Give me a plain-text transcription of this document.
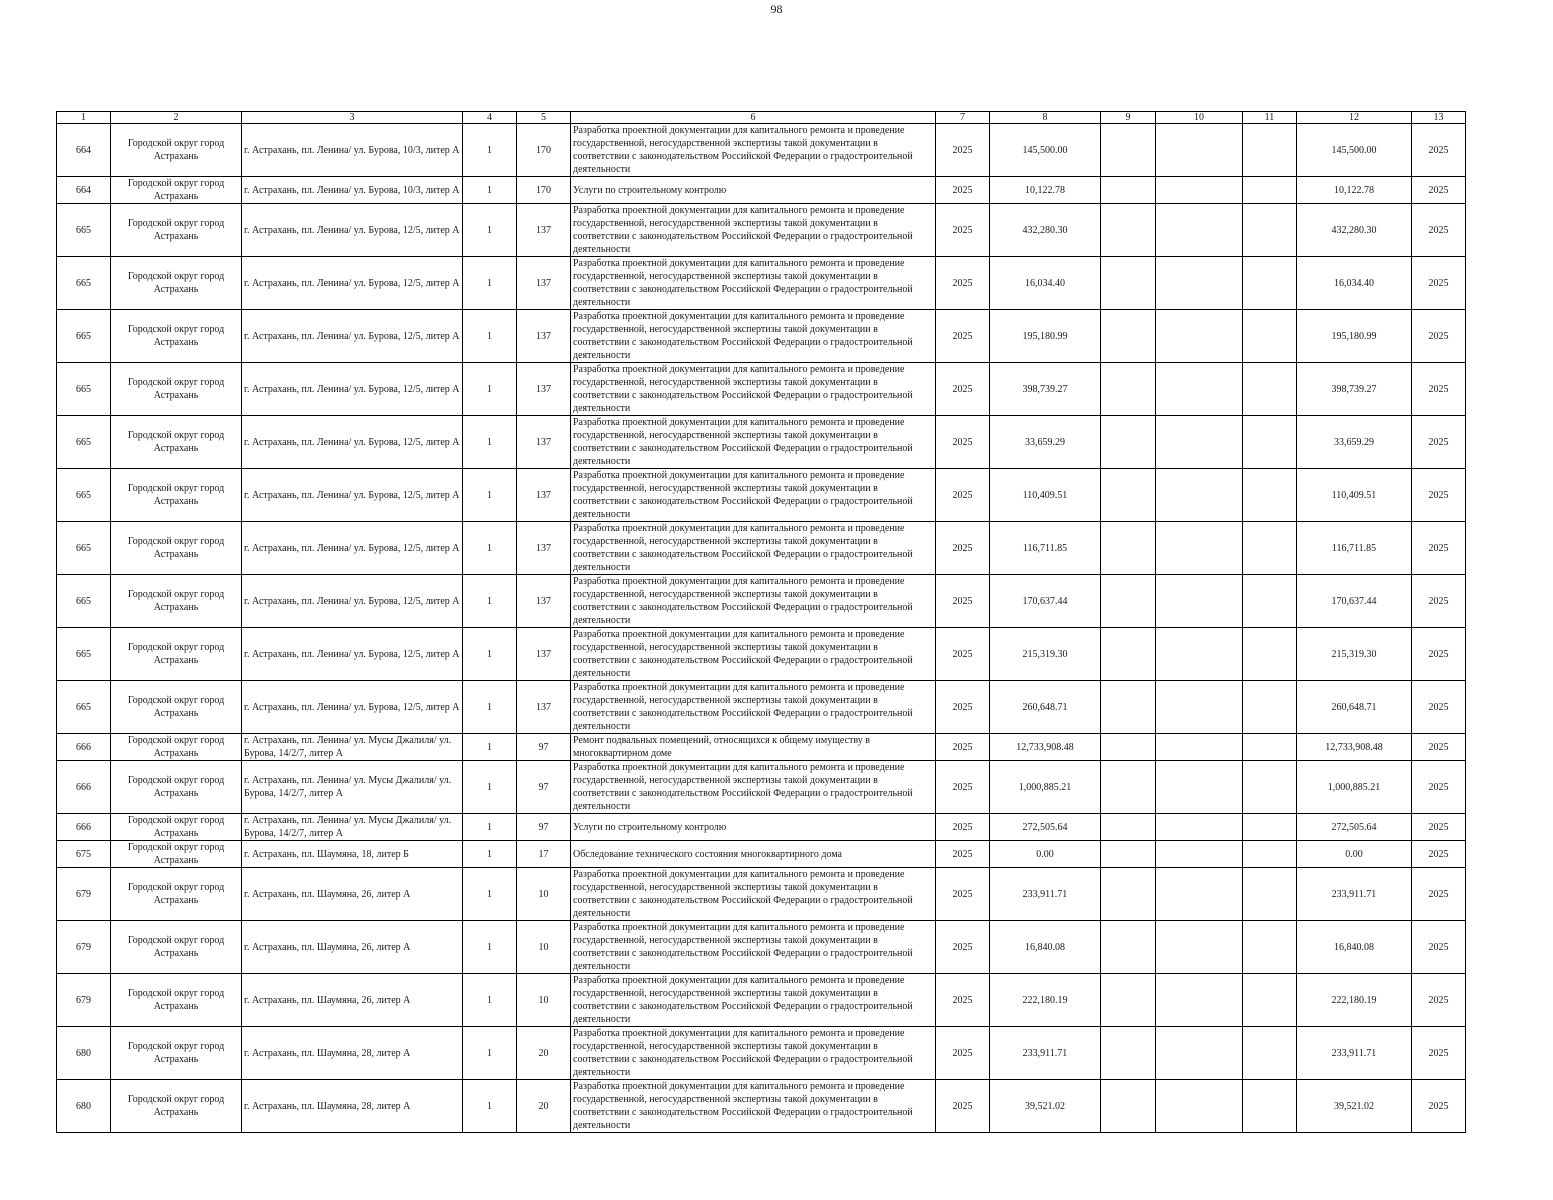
98
1	2	3	4	5	6	7	8	9	10	11	12	13
664	Городской округ город Астрахань	г. Астрахань, пл. Ленина/ ул. Бурова, 10/3, литер А	1	170	Разработка проектной документации для капитального ремонта и проведение государственной, негосударственной экспертизы такой документации в соответствии с законодательством Российской Федерации о градостроительной деятельности	2025	145,500.00				145,500.00	2025
664	Городской округ город Астрахань	г. Астрахань, пл. Ленина/ ул. Бурова, 10/3, литер А	1	170	Услуги по строительному контролю	2025	10,122.78				10,122.78	2025
665	Городской округ город Астрахань	г. Астрахань, пл. Ленина/ ул. Бурова, 12/5, литер А	1	137	Разработка проектной документации для капитального ремонта и проведение государственной, негосударственной экспертизы такой документации в соответствии с законодательством Российской Федерации о градостроительной деятельности	2025	432,280.30				432,280.30	2025
665	Городской округ город Астрахань	г. Астрахань, пл. Ленина/ ул. Бурова, 12/5, литер А	1	137	Разработка проектной документации для капитального ремонта и проведение государственной, негосударственной экспертизы такой документации в соответствии с законодательством Российской Федерации о градостроительной деятельности	2025	16,034.40				16,034.40	2025
665	Городской округ город Астрахань	г. Астрахань, пл. Ленина/ ул. Бурова, 12/5, литер А	1	137	Разработка проектной документации для капитального ремонта и проведение государственной, негосударственной экспертизы такой документации в соответствии с законодательством Российской Федерации о градостроительной деятельности	2025	195,180.99				195,180.99	2025
665	Городской округ город Астрахань	г. Астрахань, пл. Ленина/ ул. Бурова, 12/5, литер А	1	137	Разработка проектной документации для капитального ремонта и проведение государственной, негосударственной экспертизы такой документации в соответствии с законодательством Российской Федерации о градостроительной деятельности	2025	398,739.27				398,739.27	2025
665	Городской округ город Астрахань	г. Астрахань, пл. Ленина/ ул. Бурова, 12/5, литер А	1	137	Разработка проектной документации для капитального ремонта и проведение государственной, негосударственной экспертизы такой документации в соответствии с законодательством Российской Федерации о градостроительной деятельности	2025	33,659.29				33,659.29	2025
665	Городской округ город Астрахань	г. Астрахань, пл. Ленина/ ул. Бурова, 12/5, литер А	1	137	Разработка проектной документации для капитального ремонта и проведение государственной, негосударственной экспертизы такой документации в соответствии с законодательством Российской Федерации о градостроительной деятельности	2025	110,409.51				110,409.51	2025
665	Городской округ город Астрахань	г. Астрахань, пл. Ленина/ ул. Бурова, 12/5, литер А	1	137	Разработка проектной документации для капитального ремонта и проведение государственной, негосударственной экспертизы такой документации в соответствии с законодательством Российской Федерации о градостроительной деятельности	2025	116,711.85				116,711.85	2025
665	Городской округ город Астрахань	г. Астрахань, пл. Ленина/ ул. Бурова, 12/5, литер А	1	137	Разработка проектной документации для капитального ремонта и проведение государственной, негосударственной экспертизы такой документации в соответствии с законодательством Российской Федерации о градостроительной деятельности	2025	170,637.44				170,637.44	2025
665	Городской округ город Астрахань	г. Астрахань, пл. Ленина/ ул. Бурова, 12/5, литер А	1	137	Разработка проектной документации для капитального ремонта и проведение государственной, негосударственной экспертизы такой документации в соответствии с законодательством Российской Федерации о градостроительной деятельности	2025	215,319.30				215,319.30	2025
665	Городской округ город Астрахань	г. Астрахань, пл. Ленина/ ул. Бурова, 12/5, литер А	1	137	Разработка проектной документации для капитального ремонта и проведение государственной, негосударственной экспертизы такой документации в соответствии с законодательством Российской Федерации о градостроительной деятельности	2025	260,648.71				260,648.71	2025
666	Городской округ город Астрахань	г. Астрахань, пл. Ленина/ ул. Мусы Джалиля/ ул. Бурова, 14/2/7, литер А	1	97	Ремонт подвальных помещений, относящихся к общему имуществу в многоквартирном доме	2025	12,733,908.48				12,733,908.48	2025
666	Городской округ город Астрахань	г. Астрахань, пл. Ленина/ ул. Мусы Джалиля/ ул. Бурова, 14/2/7, литер А	1	97	Разработка проектной документации для капитального ремонта и проведение государственной, негосударственной экспертизы такой документации в соответствии с законодательством Российской Федерации о градостроительной деятельности	2025	1,000,885.21				1,000,885.21	2025
666	Городской округ город Астрахань	г. Астрахань, пл. Ленина/ ул. Мусы Джалиля/ ул. Бурова, 14/2/7, литер А	1	97	Услуги по строительному контролю	2025	272,505.64				272,505.64	2025
675	Городской округ город Астрахань	г. Астрахань, пл. Шаумяна, 18, литер Б	1	17	Обследование технического состояния многоквартирного дома	2025	0.00				0.00	2025
679	Городской округ город Астрахань	г. Астрахань, пл. Шаумяна, 26, литер А	1	10	Разработка проектной документации для капитального ремонта и проведение государственной, негосударственной экспертизы такой документации в соответствии с законодательством Российской Федерации о градостроительной деятельности	2025	233,911.71				233,911.71	2025
679	Городской округ город Астрахань	г. Астрахань, пл. Шаумяна, 26, литер А	1	10	Разработка проектной документации для капитального ремонта и проведение государственной, негосударственной экспертизы такой документации в соответствии с законодательством Российской Федерации о градостроительной деятельности	2025	16,840.08				16,840.08	2025
679	Городской округ город Астрахань	г. Астрахань, пл. Шаумяна, 26, литер А	1	10	Разработка проектной документации для капитального ремонта и проведение государственной, негосударственной экспертизы такой документации в соответствии с законодательством Российской Федерации о градостроительной деятельности	2025	222,180.19				222,180.19	2025
680	Городской округ город Астрахань	г. Астрахань, пл. Шаумяна, 28, литер А	1	20	Разработка проектной документации для капитального ремонта и проведение государственной, негосударственной экспертизы такой документации в соответствии с законодательством Российской Федерации о градостроительной деятельности	2025	233,911.71				233,911.71	2025
680	Городской округ город Астрахань	г. Астрахань, пл. Шаумяна, 28, литер А	1	20	Разработка проектной документации для капитального ремонта и проведение государственной, негосударственной экспертизы такой документации в соответствии с законодательством Российской Федерации о градостроительной деятельности	2025	39,521.02				39,521.02	2025
